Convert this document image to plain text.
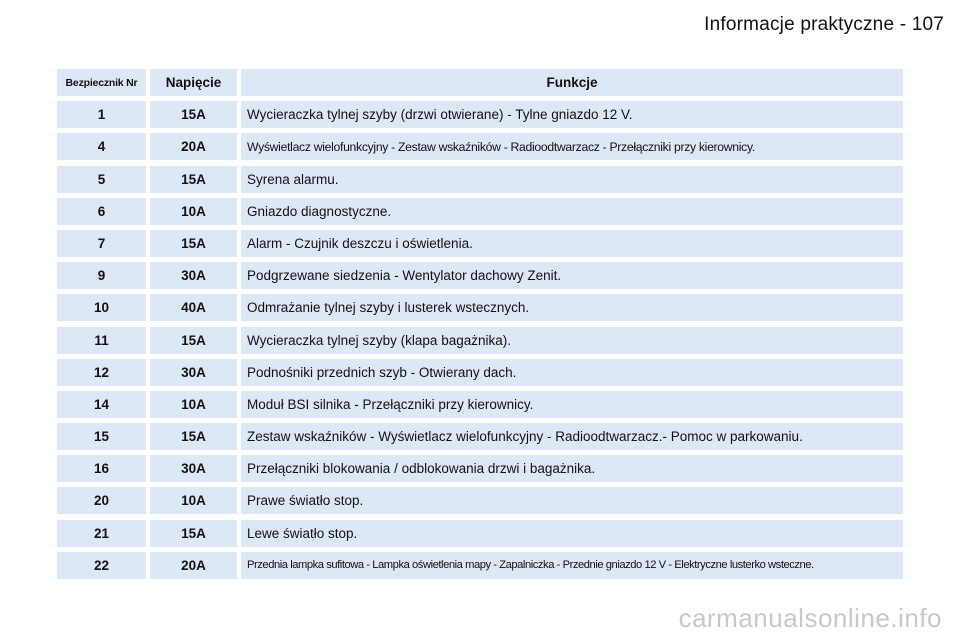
Informacje praktyczne - 107
Bezpiecznik Nr	Napięcie	Funkcje
1	15A	Wycieraczka tylnej szyby (drzwi otwierane) - Tylne gniazdo 12 V.
4	20A	Wyświetlacz wielofunkcyjny - Zestaw wskaźników - Radioodtwarzacz - Przełączniki przy kierownicy.
5	15A	Syrena alarmu.
6	10A	Gniazdo diagnostyczne.
7	15A	Alarm - Czujnik deszczu i oświetlenia.
9	30A	Podgrzewane siedzenia - Wentylator dachowy Zenit.
10	40A	Odmrażanie tylnej szyby i lusterek wstecznych.
11	15A	Wycieraczka tylnej szyby (klapa bagażnika).
12	30A	Podnośniki przednich szyb - Otwierany dach.
14	10A	Moduł BSI silnika - Przełączniki przy kierownicy.
15	15A	Zestaw wskaźników - Wyświetlacz wielofunkcyjny - Radioodtwarzacz.- Pomoc w parkowaniu.
16	30A	Przełączniki blokowania / odblokowania drzwi i bagażnika.
20	10A	Prawe światło stop.
21	15A	Lewe światło stop.
22	20A	Przednia lampka sufitowa - Lampka oświetlenia mapy - Zapalniczka - Przednie gniazdo 12 V - Elektryczne lusterko wsteczne.
carmanualsonline.info
